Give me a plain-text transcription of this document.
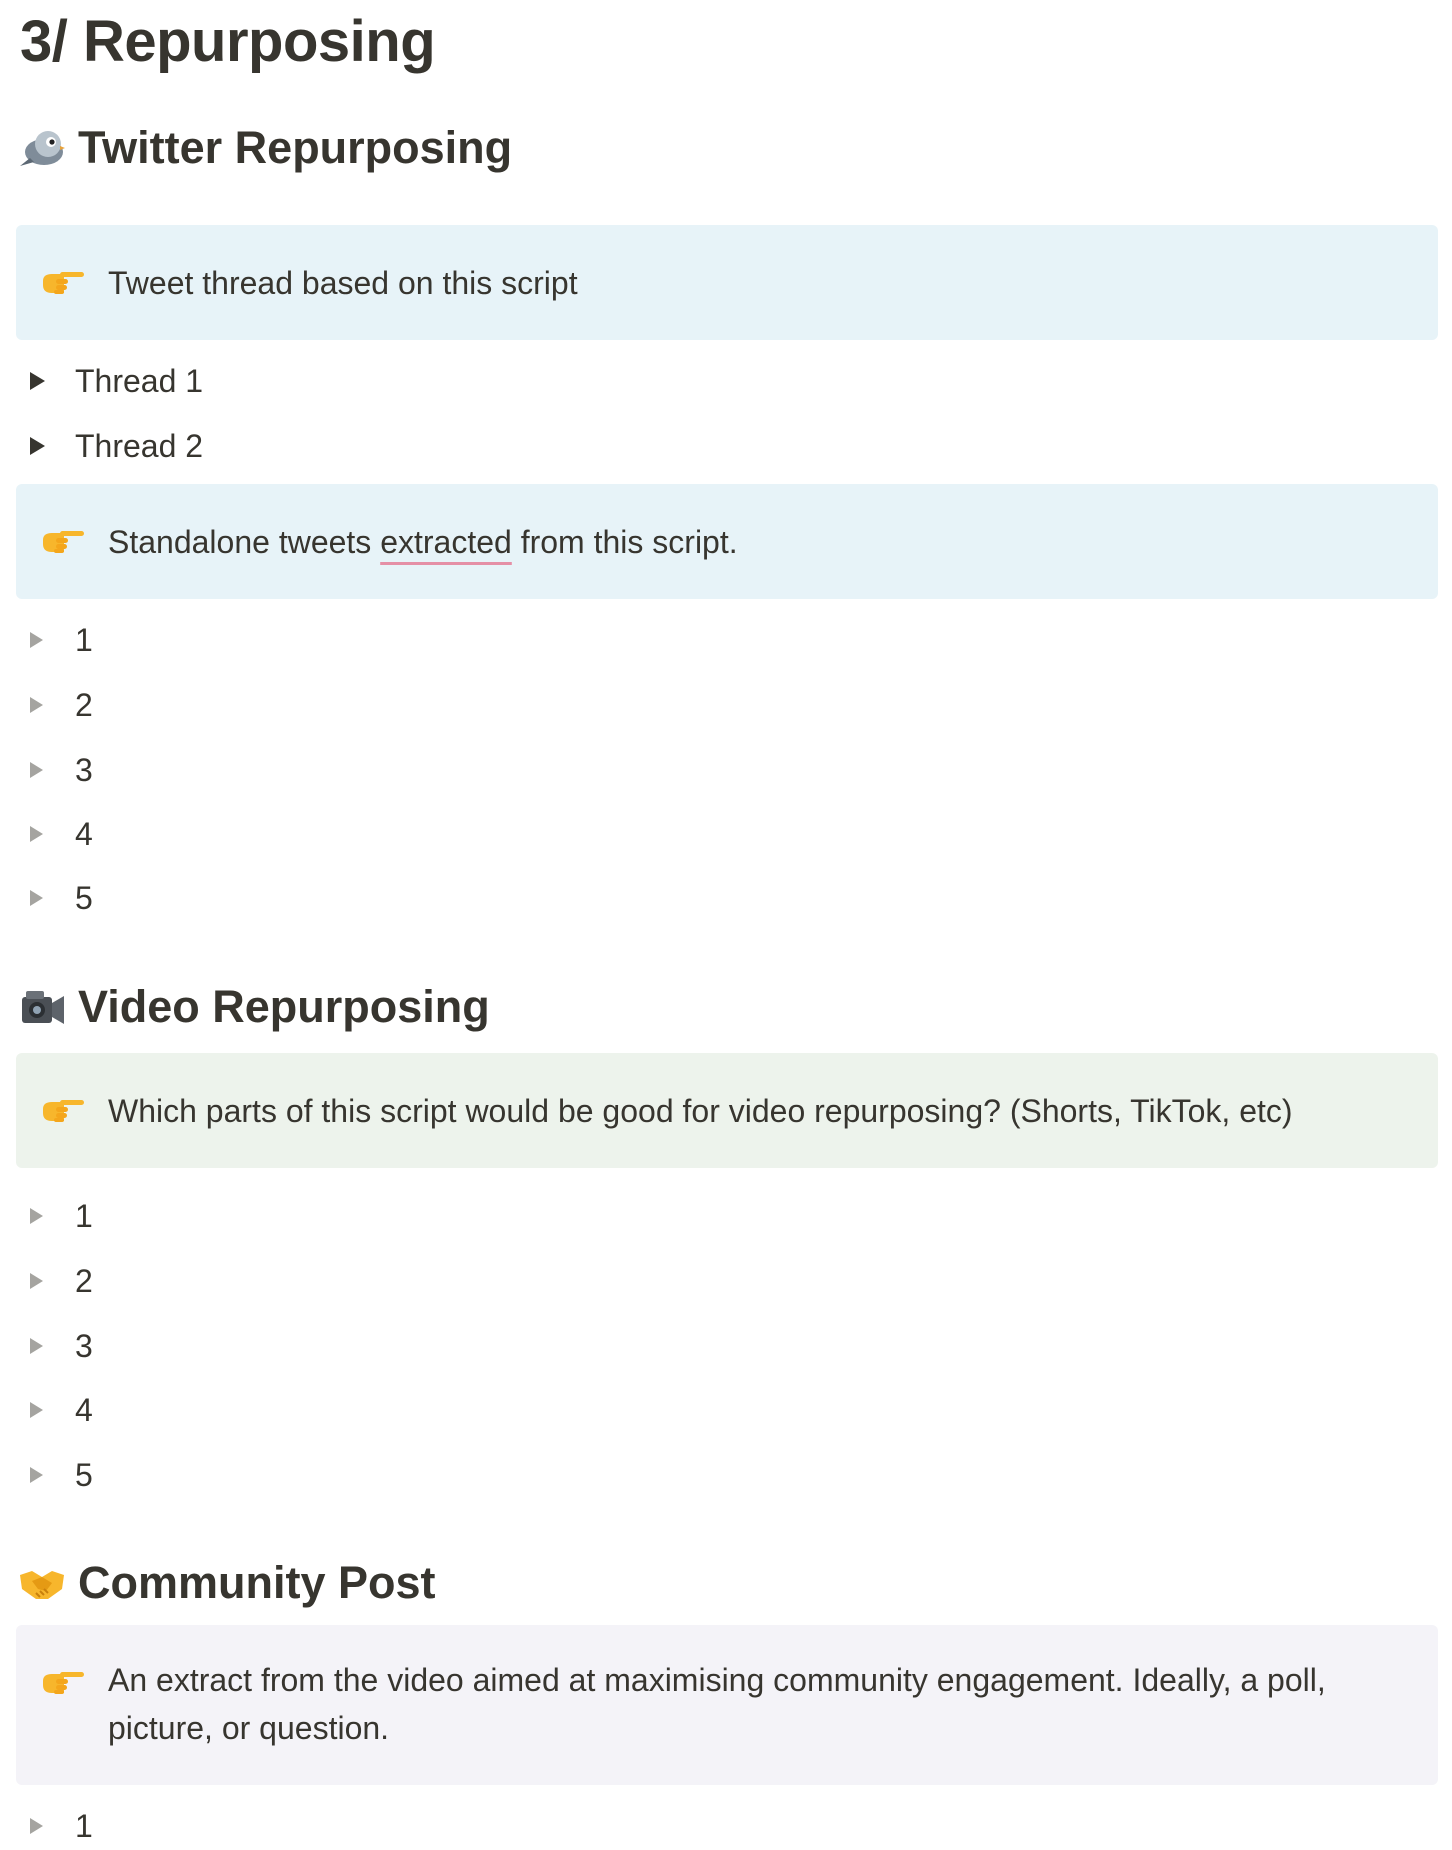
3/ Repurposing
Twitter Repurposing
Tweet thread based on this script
Thread 1
Thread 2
Standalone tweets extracted from this script.
1
2
3
4
5
Video Repurposing
Which parts of this script would be good for video repurposing? (Shorts, TikTok, etc)
1
2
3
4
5
Community Post
An extract from the video aimed at maximising community engagement. Ideally, a poll, picture, or question.
1
